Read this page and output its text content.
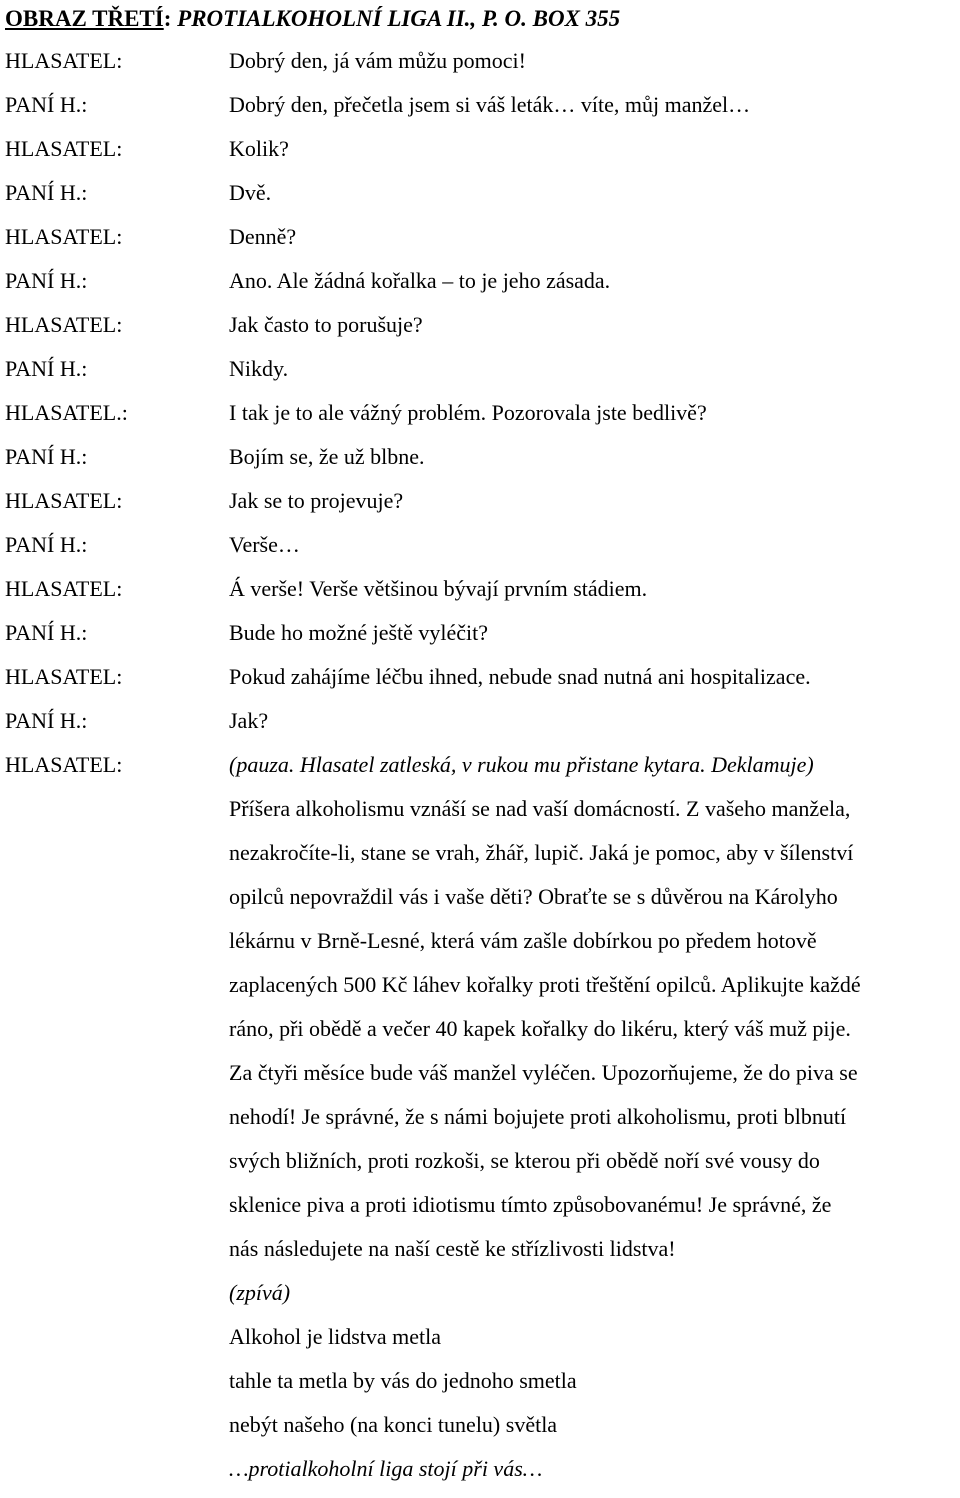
OBRAZ TŘETÍ: PROTIALKOHOLNÍ LIGA II., P. O. BOX 355
HLASATEL:	Dobrý den, já vám můžu pomoci!
PANÍ H.:	Dobrý den, přečetla jsem si váš leták… víte, můj manžel…
HLASATEL:	Kolik?
PANÍ H.:	Dvě.
HLASATEL:	Denně?
PANÍ H.:	Ano. Ale žádná kořalka – to je jeho zásada.
HLASATEL:	Jak často to porušuje?
PANÍ H.:	Nikdy.
HLASATEL.:	I tak je to ale vážný problém. Pozorovala jste bedlivě?
PANÍ H.:	Bojím se, že už blbne.
HLASATEL:	Jak se to projevuje?
PANÍ H.:	Verše…
HLASATEL:	Á verše! Verše většinou bývají prvním stádiem.
PANÍ H.:	Bude ho možné ještě vyléčit?
HLASATEL:	Pokud zahájíme léčbu ihned, nebude snad nutná ani hospitalizace.
PANÍ H.:	Jak?
HLASATEL:	(pauza. Hlasatel zatleská, v rukou mu přistane kytara. Deklamuje)
Příšera alkoholismu vznáší se nad vaší domácností. Z vašeho manžela,
nezakročíte-li, stane se vrah, žhář, lupič. Jaká je pomoc, aby v šílenství
opilců nepovraždil vás i vaše děti? Obraťte se s důvěrou na Károlyho
lékárnu v Brně-Lesné, která vám zašle dobírkou po předem hotově
zaplacených 500 Kč láhev kořalky proti třeštění opilců. Aplikujte každé
ráno, při obědě a večer 40 kapek kořalky do likéru, který váš muž pije.
Za čtyři měsíce bude váš manžel vyléčen. Upozorňujeme, že do piva se
nehodí! Je správné, že s námi bojujete proti alkoholismu, proti blbnutí
svých bližních, proti rozkoši, se kterou při obědě noří své vousy do
sklenice piva a proti idiotismu tímto způsobovanému! Je správné, že
nás následujete na naší cestě ke střízlivosti lidstva!
(zpívá)
Alkohol je lidstva metla
tahle ta metla by vás do jednoho smetla
nebýt našeho (na konci tunelu) světla
…protialkoholní liga stojí při vás…
